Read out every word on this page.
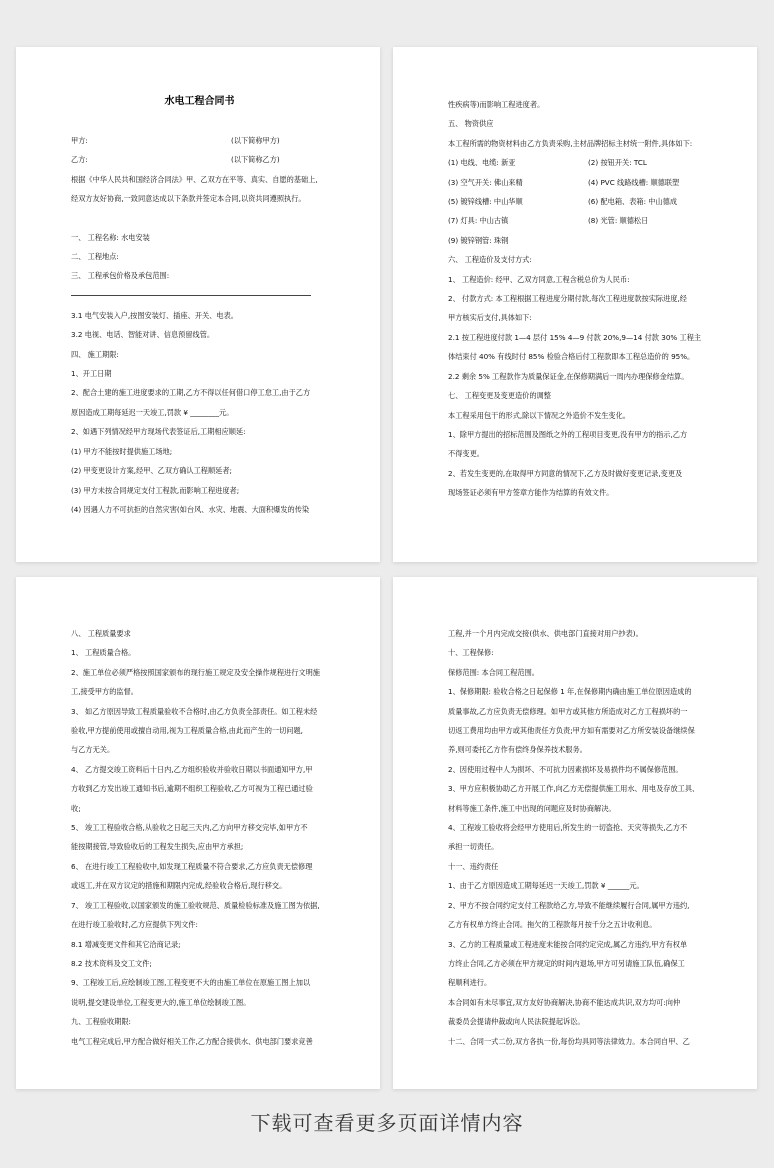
水电工程合同书
甲方:	(以下简称甲方)
乙方:	(以下简称乙方)
根据《中华人民共和国经济合同法》甲、乙双方在平等、真实、自愿的基础上,
经双方友好协商,一致同意达成以下条款并签定本合同,以资共同遵照执行。
一、 工程名称: 水电安装
二、 工程地点:
三、 工程承包价格及承包范围:
3.1 电气安装入户,按图安装灯、插座、开关、电表。
3.2 电视、电话、智能对讲、信息预留线管。
四、 施工期限:
1、开工日期
2、配合土建的施工进度要求的工期,乙方不得以任何借口停工怠工,由于乙方
原因造成工期每延迟一天竣工,罚款 ¥ ________元。
2、如遇下列情况经甲方现场代表签证后,工期相应顺延:
(1) 甲方不能按时提供施工场地;
(2) 甲变更设计方案,经甲、乙双方确认工程顺延者;
(3) 甲方未按合同规定支付工程款,而影响工程进度者;
(4) 因遇人力不可抗拒的自然灾害(如台风、水灾、地震、大面积爆发的传染
性疾病等)而影响工程进度者。
五、 物资供应
本工程所需的物资材料由乙方负责采购,主材品牌招标主材统一附件,具体如下:
(1) 电线、电缆: 新亚	(2) 按钮开关: TCL
(3) 空气开关: 佛山来精	(4) PVC 线路线槽: 顺德联塑
(5) 镀锌线槽: 中山华顺	(6) 配电箱、表箱: 中山德成
(7) 灯具: 中山古镇	(8) 光管: 顺德松日
(9) 镀锌钢管: 珠钢
六、 工程造价及支付方式:
1、 工程造价: 经甲、乙双方同意,工程含税总价为人民币:
2、 付款方式: 本工程根据工程进度分期付款,每次工程进度款按实际进度,经
甲方核实后支付,具体如下:
2.1 按工程进度付款 1—4 层付 15% 4—9 付款 20%,9—14 付款 30% 工程主
体结束付 40% 有线时付 85% 检验合格后付工程款即本工程总造价的 95%。
2.2 剩余 5% 工程款作为质量保证金,在保修期满后一周内办理保修金结算。
七、 工程变更及变更造价的调整
本工程采用包干的形式,除以下情况之外造价不发生变化。
1、除甲方提出的招标范围及图纸之外的工程项目变更,没有甲方的指示,乙方
不得变更。
2、若发生变更的,在取得甲方同意的情况下,乙方及时做好变更记录,变更及
现场签证必须有甲方签章方能作为结算的有效文件。
八、 工程质量要求
1、 工程质量合格。
2、施工单位必须严格按照国家颁布的现行施工规定及安全操作规程进行文明施
工,接受甲方的监督。
3、 如乙方原因导致工程质量验收不合格时,由乙方负责全部责任。如工程未经
验收,甲方提前使用或擅自动用,视为工程质量合格,由此而产生的一切问题,
与乙方无关。
4、 乙方提交竣工资料后十日内,乙方组织验收并验收日期以书面通知甲方,甲
方收到乙方发出竣工通知书后,逾期不组织工程验收,乙方可视为工程已通过验
收;
5、 竣工工程验收合格,从验收之日起三天内,乙方向甲方移交完毕,如甲方不
能按期接管,导致验收后的工程发生损失,应由甲方承担;
6、 在进行竣工工程验收中,如发现工程质量不符合要求,乙方应负责无偿修理
或返工,并在双方议定的措施和期限内完成,经验收合格后,现行移交。
7、 竣工工程验收,以国家颁发的施工验收规范、质量检验标准及施工图为依据,
在进行竣工验收时,乙方应提供下列文件:
8.1 增减变更文件和其它洽商记录;
8.2 技术资料及交工文件;
9、工程竣工后,应绘制竣工图,工程变更不大的由施工单位在原施工图上加以
说明,提交建设单位,工程变更大的,施工单位绘制竣工图。
九、工程验收期限:
电气工程完成后,甲方配合做好相关工作,乙方配合接供水、供电部门要求竞善
工程,并一个月内完成交接(供水、供电部门直接对用户抄表)。
十、工程保修:
保修范围: 本合同工程范围。
1、保修期限: 验收合格之日起保修 1 年,在保修期内确由施工单位原因造成的
质量事故,乙方应负责无偿修理。如甲方或其他方所造成对乙方工程损坏的一
切返工费用均由甲方或其他责任方负责;甲方如有需要对乙方所安装设备继续保
养,则可委托乙方作有偿终身保养技术服务。
2、因使用过程中人为损坏、不可抗力因素损坏及易损件均不属保修范围。
3、甲方应积极协助乙方开展工作,向乙方无偿提供施工用水、用电及存放工具、
材料等施工条件,施工中出现的问题应及时协商解决。
4、工程竣工验收将会经甲方使用后,所发生的一切盗抢、天灾等损失,乙方不
承担一切责任。
十一、违约责任
1、由于乙方原因造成工期每延迟一天竣工,罚款 ¥ ______元。
2、甲方不按合同约定支付工程款给乙方,导致不能继续履行合同,属甲方违约,
乙方有权单方终止合同。拖欠的工程款每月按千分之五计收利息。
3、乙方的工程质量或工程进度未能按合同约定完成,属乙方违约,甲方有权单
方终止合同,乙方必须在甲方规定的时间内退场,甲方可另请施工队伍,确保工
程顺利进行。
本合同如有未尽事宜,双方友好协商解决,协商不能达成共识,双方均可:向仲
裁委员会提请仲裁或向人民法院提起诉讼。
十二、合同一式二份,双方各执一份,每份均具同等法律效力。本合同自甲、乙
下载可查看更多页面详情内容
